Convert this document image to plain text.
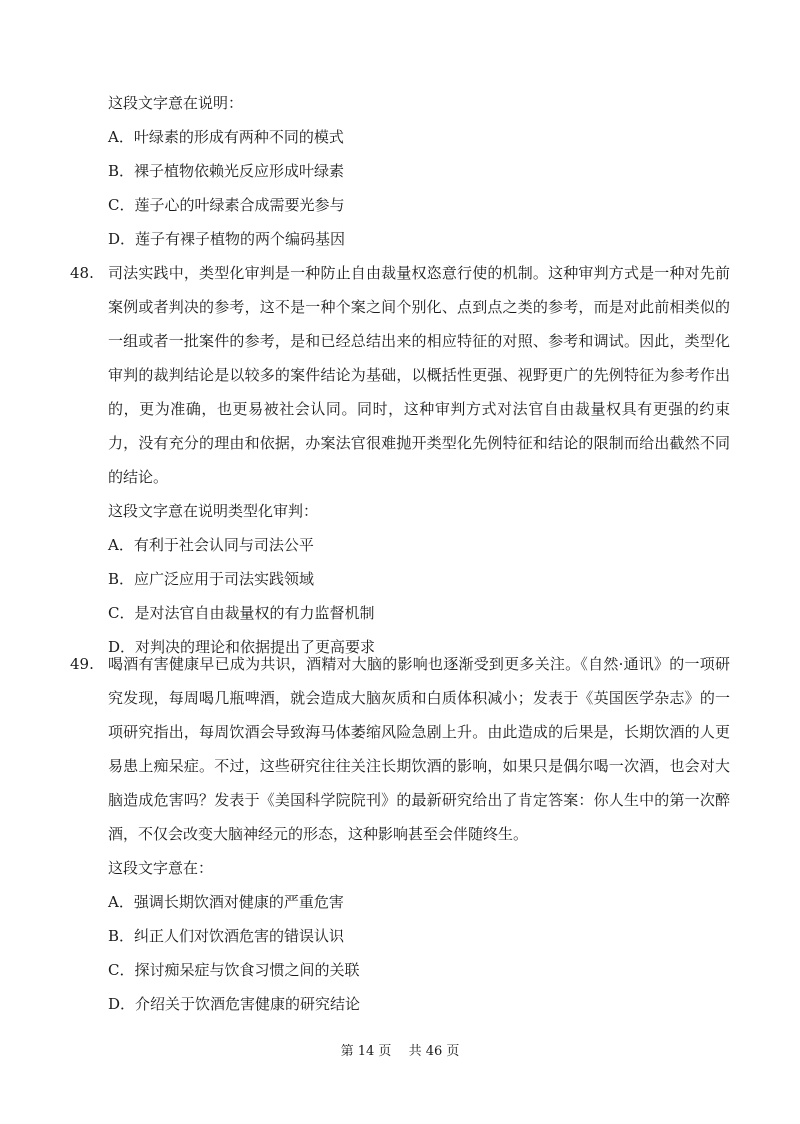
这段文字意在说明：
A．叶绿素的形成有两种不同的模式
B．裸子植物依赖光反应形成叶绿素
C．莲子心的叶绿素合成需要光参与
D．莲子有裸子植物的两个编码基因
48. 司法实践中，类型化审判是一种防止自由裁量权恣意行使的机制。这种审判方式是一种对先前案例或者判决的参考，这不是一种个案之间个别化、点到点之类的参考，而是对此前相类似的一组或者一批案件的参考，是和已经总结出来的相应特征的对照、参考和调试。因此，类型化审判的裁判结论是以较多的案件结论为基础，以概括性更强、视野更广的先例特征为参考作出的，更为准确，也更易被社会认同。同时，这种审判方式对法官自由裁量权具有更强的约束力，没有充分的理由和依据，办案法官很难抛开类型化先例特征和结论的限制而给出截然不同的结论。
这段文字意在说明类型化审判：
A．有利于社会认同与司法公平
B．应广泛应用于司法实践领域
C．是对法官自由裁量权的有力监督机制
D．对判决的理论和依据提出了更高要求
49. 喝酒有害健康早已成为共识，酒精对大脑的影响也逐渐受到更多关注。《自然·通讯》的一项研究发现，每周喝几瓶啤酒，就会造成大脑灰质和白质体积减小；发表于《英国医学杂志》的一项研究指出，每周饮酒会导致海马体萎缩风险急剧上升。由此造成的后果是，长期饮酒的人更易患上痴呆症。不过，这些研究往往关注长期饮酒的影响，如果只是偶尔喝一次酒，也会对大脑造成危害吗？发表于《美国科学院院刊》的最新研究给出了肯定答案：你人生中的第一次醉酒，不仅会改变大脑神经元的形态，这种影响甚至会伴随终生。
这段文字意在：
A．强调长期饮酒对健康的严重危害
B．纠正人们对饮酒危害的错误认识
C．探讨痴呆症与饮食习惯之间的关联
D．介绍关于饮酒危害健康的研究结论
第 14 页　 共 46 页
